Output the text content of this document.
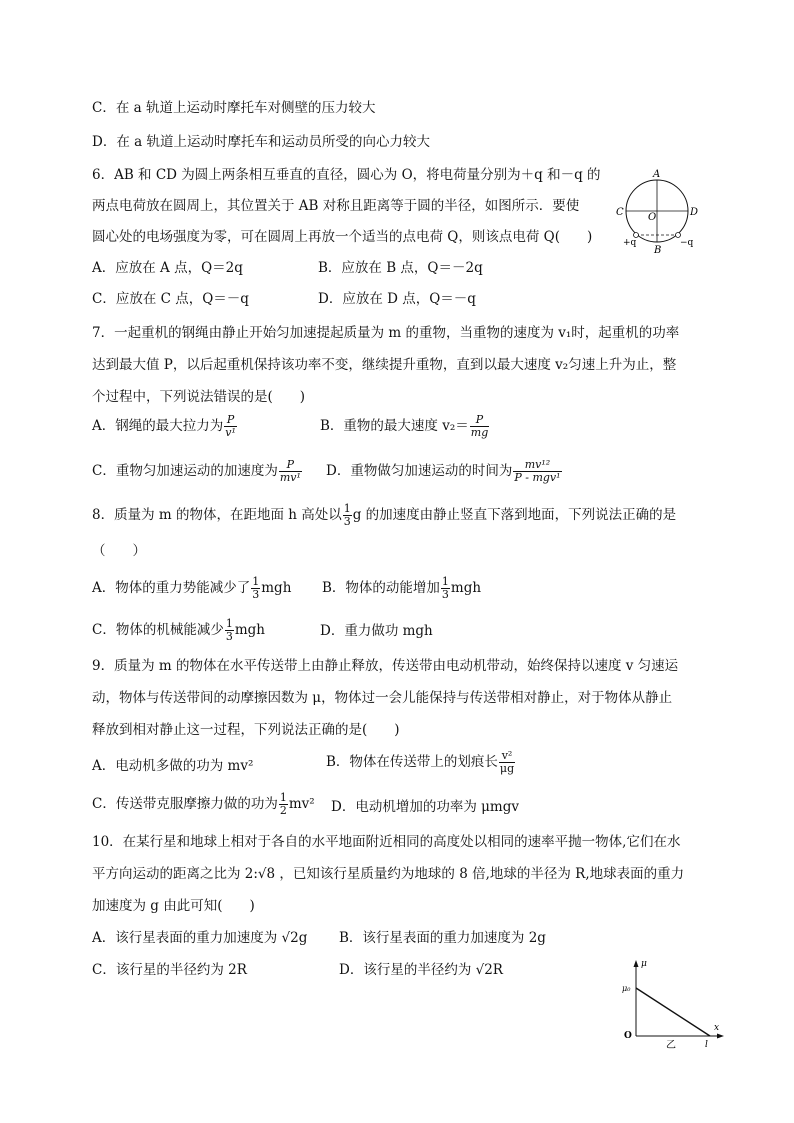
C．在 a 轨道上运动时摩托车对侧壁的压力较大
D．在 a 轨道上运动时摩托车和运动员所受的向心力较大
6．AB 和 CD 为圆上两条相互垂直的直径，圆心为 O，将电荷量分别为＋q 和－q 的
两点电荷放在圆周上，其位置关于 AB 对称且距离等于圆的半径，如图所示．要使
圆心处的电场强度为零，可在圆周上再放一个适当的点电荷 Q，则该点电荷 Q(　　)
A．应放在 A 点，Q＝2q	B．应放在 B 点，Q＝－2q
C．应放在 C 点，Q＝－q	D．应放在 D 点，Q＝－q
A
C	D
O
B
+q	−q
7．一起重机的钢绳由静止开始匀加速提起质量为 m 的重物，当重物的速度为 v₁时，起重机的功率
达到最大值 P，以后起重机保持该功率不变，继续提升重物，直到以最大速度 v₂匀速上升为止，整
个过程中，下列说法错误的是(　　)
A．钢绳的最大拉力为 $\frac{P}{\text{v¹}}$	B．重物的最大速度 $v_2= \frac{P}{mg}$
C．重物匀加速运动的加速度为 $\frac{P}{\text{mv¹}}$ D．重物做匀加速运动的时间为 $\frac{\text{mv¹²}}{\text{P - mgv¹}}$
8．质量为 m 的物体，在距地面 h 高处以 $\frac{1}{3}$ g 的加速度由静止竖直下落到地面，下列说法正确的是
（　　）
A．物体的重力势能减少了 $\frac{1}{3}$ mgh B．物体的动能增加 $\frac{1}{3}$ mgh
C．物体的机械能减少 $\frac{1}{3}$ mgh	D．重力做功 mgh
9．质量为 m 的物体在水平传送带上由静止释放，传送带由电动机带动，始终保持以速度 v 匀速运
动，物体与传送带间的动摩擦因数为 μ，物体过一会儿能保持与传送带相对静止，对于物体从静止
释放到相对静止这一过程，下列说法正确的是(　　)
A．电动机多做的功为 mv²	B．物体在传送带上的划痕长 $\frac{\text{v²}}{\mu g}$
C．传送带克服摩擦力做的功为 $\frac{1}{2} mv^2$ D．电动机增加的功率为 μmgv
10．在某行星和地球上相对于各自的水平地面附近相同的高度处以相同的速率平抛一物体,它们在水
平方向运动的距离之比为 2:√8 ，已知该行星质量约为地球的 8 倍,地球的半径为 R,地球表面的重力
加速度为 g 由此可知(　　)
A．该行星表面的重力加速度为 √2g B．该行星表面的重力加速度为 2g
C．该行星的半径约为 2R	D．该行星的半径约为 √2R	μ
μ₀
x
O
l
乙
